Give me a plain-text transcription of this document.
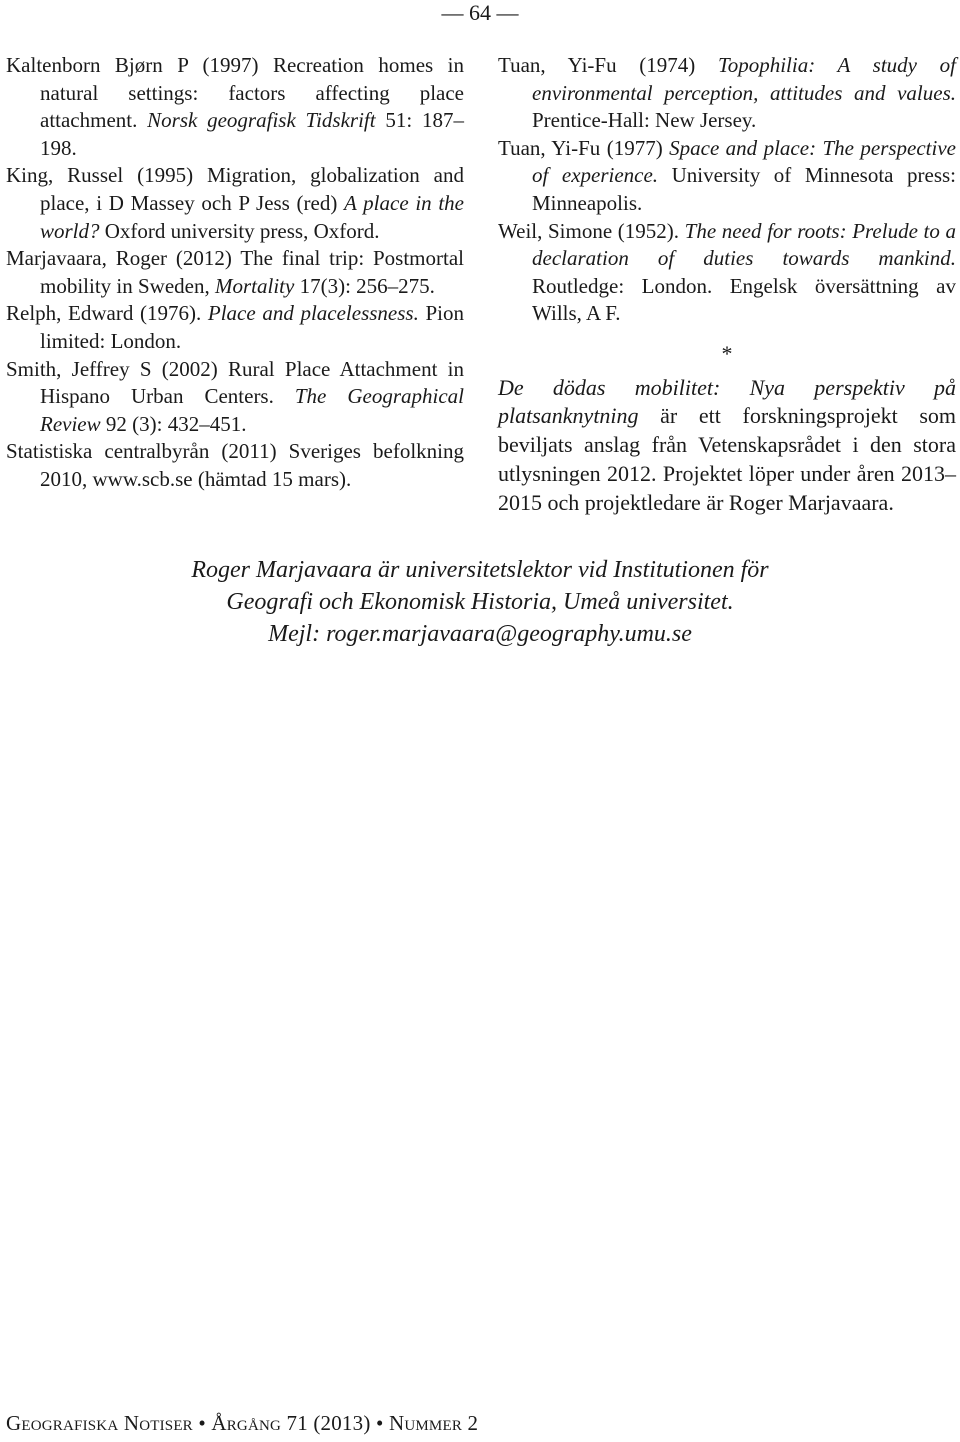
— 64 —

Kaltenborn Bjørn P (1997) Recreation homes in natural settings: factors affecting place attachment. Norsk geografisk Tidskrift 51: 187–198.

King, Russel (1995) Migration, globalization and place, i D Massey och P Jess (red) A place in the world? Oxford university press, Oxford.

Marjavaara, Roger (2012) The final trip: Postmortal mobility in Sweden, Mortality 17(3): 256–275.

Relph, Edward (1976). Place and placelessness. Pion limited: London.

Smith, Jeffrey S (2002) Rural Place Attachment in Hispano Urban Centers. The Geographical Review 92 (3): 432–451.

Statistiska centralbyrån (2011) Sveriges befolkning 2010, www.scb.se (hämtad 15 mars).

Tuan, Yi-Fu (1974) Topophilia: A study of environmental perception, attitudes and values. Prentice-Hall: New Jersey.

Tuan, Yi-Fu (1977) Space and place: The perspective of experience. University of Minnesota press: Minneapolis.

Weil, Simone (1952). The need for roots: Prelude to a declaration of duties towards mankind. Routledge: London. Engelsk översättning av Wills, A F.

*

De dödas mobilitet: Nya perspektiv på platsanknytning är ett forskningsprojekt som beviljats anslag från Vetenskapsrådet i den stora utlysningen 2012. Projektet löper under åren 2013–2015 och projektledare är Roger Marjavaara.

Roger Marjavaara är universitetslektor vid Institutionen för

Geografi och Ekonomisk Historia, Umeå universitet.

Mejl: roger.marjavaara@geography.umu.se

Geografiska Notiser • Årgång 71 (2013) • Nummer 2
